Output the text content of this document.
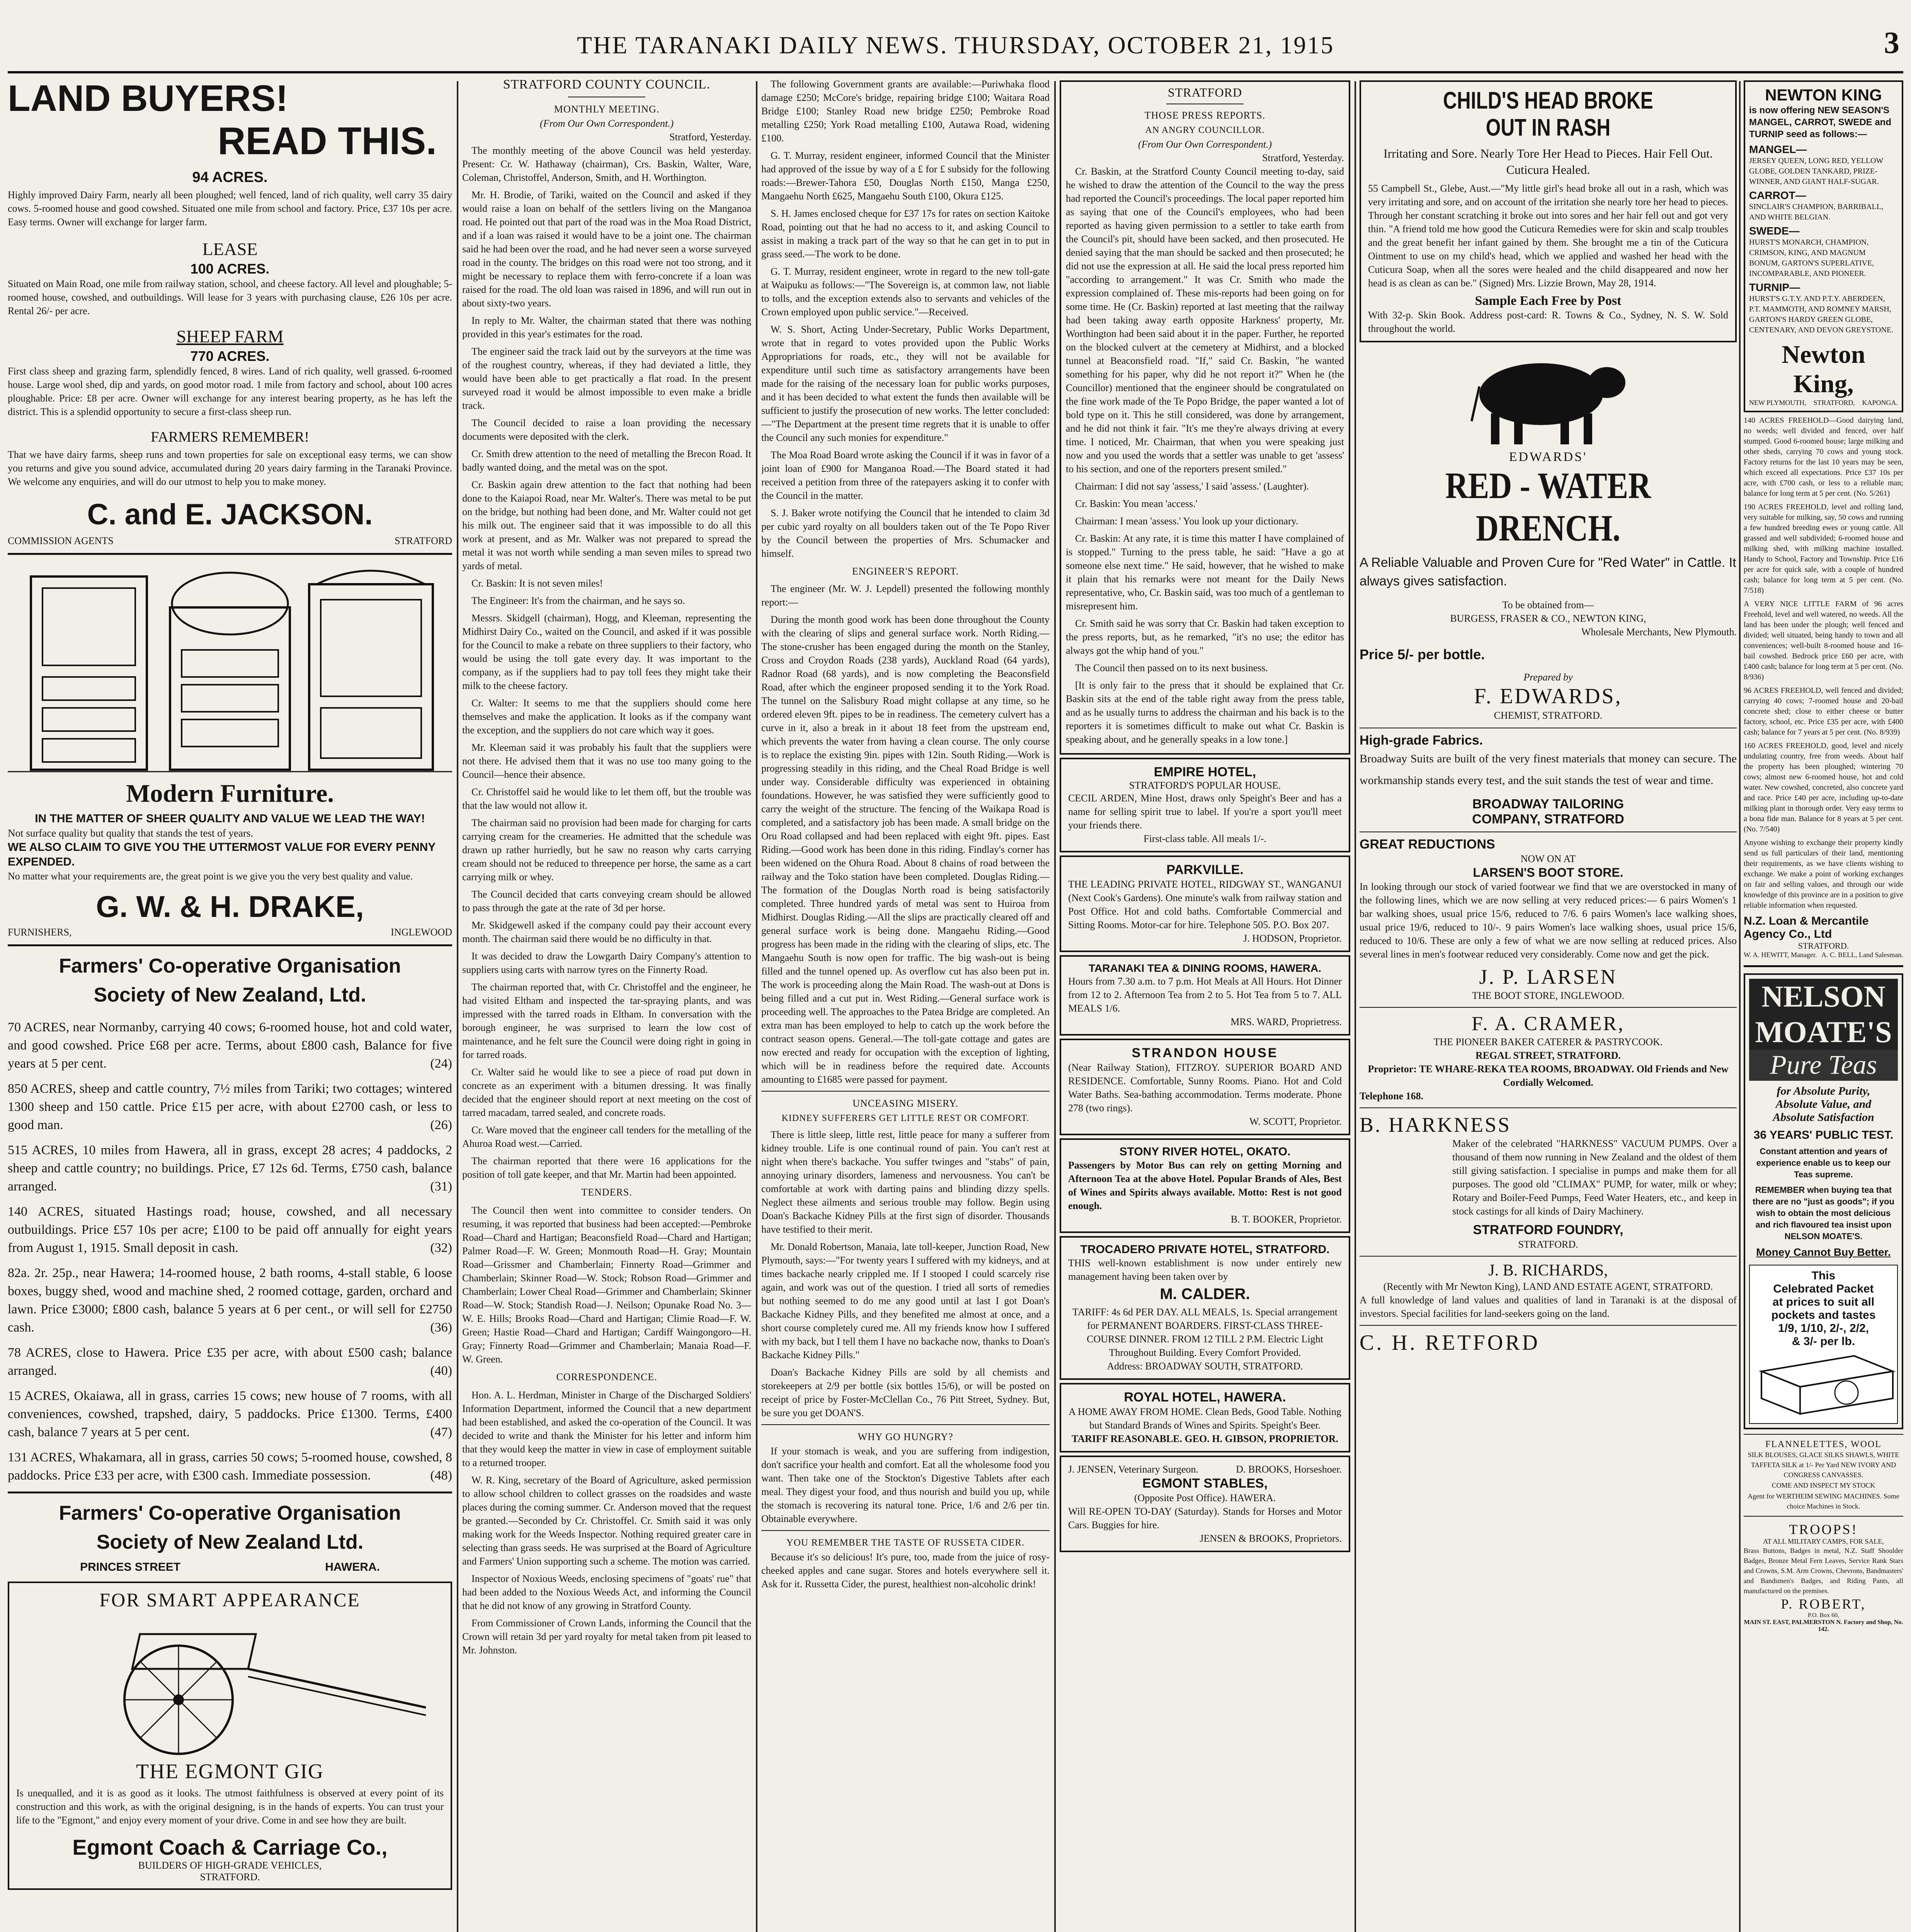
THE TARANAKI DAILY NEWS. THURSDAY, OCTOBER 21, 1915	3
LAND BUYERS!
READ THIS.
94 ACRES.
Highly improved Dairy Farm, nearly all been ploughed; well fenced, land of rich quality, well carry 35 dairy cows. 5-roomed house and good cowshed. Situated one mile from school and factory. Price, £37 10s per acre. Easy terms. Owner will exchange for larger farm.
LEASE
100 ACRES.
Situated on Main Road, one mile from railway station, school, and cheese factory. All level and ploughable; 5-roomed house, cowshed, and outbuildings. Will lease for 3 years with purchasing clause, £26 10s per acre. Rental 26/- per acre.
SHEEP FARM
770 ACRES.
First class sheep and grazing farm, splendidly fenced, 8 wires. Land of rich quality, well grassed. 6-roomed house. Large wool shed, dip and yards, on good motor road. 1 mile from factory and school, about 100 acres ploughable. Price: £8 per acre. Owner will exchange for any interest bearing property, as he has left the district. This is a splendid opportunity to secure a first-class sheep run.
FARMERS REMEMBER!
That we have dairy farms, sheep runs and town properties for sale on exceptional easy terms, we can show you returns and give you sound advice, accumulated during 20 years dairy farming in the Taranaki Province. We welcome any enquiries, and will do our utmost to help you to make money.
C. and E. JACKSON.
COMMISSION AGENTS	STRATFORD
Modern Furniture.
IN THE MATTER OF SHEER QUALITY AND VALUE WE LEAD THE WAY!
Not surface quality but quality that stands the test of years.
WE ALSO CLAIM TO GIVE YOU THE UTTERMOST VALUE FOR EVERY PENNY EXPENDED.
No matter what your requirements are, the great point is we give you the very best quality and value.
G. W. & H. DRAKE,
FURNISHERS,	INGLEWOOD
Farmers' Co-operative Organisation
Society of New Zealand, Ltd.
70 ACRES, near Normanby, carrying 40 cows; 6-roomed house, hot and cold water, and good cowshed. Price £68 per acre. Terms, about £800 cash, Balance for five years at 5 per cent.	(24)
850 ACRES, sheep and cattle country, 7½ miles from Tariki; two cottages; wintered 1300 sheep and 150 cattle. Price £15 per acre, with about £2700 cash, or less to good man.	(26)
515 ACRES, 10 miles from Hawera, all in grass, except 28 acres; 4 paddocks, 2 sheep and cattle country; no buildings. Price, £7 12s 6d. Terms, £750 cash, balance arranged.	(31)
140 ACRES, situated Hastings road; house, cowshed, and all necessary outbuildings. Price £57 10s per acre; £100 to be paid off annually for eight years from August 1, 1915. Small deposit in cash.	(32)
82a. 2r. 25p., near Hawera; 14-roomed house, 2 bath rooms, 4-stall stable, 6 loose boxes, buggy shed, wood and machine shed, 2 roomed cottage, garden, orchard and lawn. Price £3000; £800 cash, balance 5 years at 6 per cent., or will sell for £2750 cash.	(36)
78 ACRES, close to Hawera. Price £35 per acre, with about £500 cash; balance arranged.	(40)
15 ACRES, Okaiawa, all in grass, carries 15 cows; new house of 7 rooms, with all conveniences, cowshed, trapshed, dairy, 5 paddocks. Price £1300. Terms, £400 cash, balance 7 years at 5 per cent.	(47)
131 ACRES, Whakamara, all in grass, carries 50 cows; 5-roomed house, cowshed, 8 paddocks. Price £33 per acre, with £300 cash. Immediate possession.	(48)
Farmers' Co-operative Organisation
Society of New Zealand Ltd.
PRINCES STREET	HAWERA.
FOR SMART APPEARANCE
THE EGMONT GIG
Is unequalled, and it is as good as it looks. The utmost faithfulness is observed at every point of its construction and this work, as with the original designing, is in the hands of experts. You can trust your life to the "Egmont," and enjoy every moment of your drive. Come in and see how they are built.
Egmont Coach & Carriage Co.,
BUILDERS OF HIGH-GRADE VEHICLES,
STRATFORD.
STRATFORD COUNTY COUNCIL.
MONTHLY MEETING.
(From Our Own Correspondent.)
Stratford, Yesterday.

The monthly meeting of the above Council was held yesterday. Present: Cr. W. Hathaway (chairman), Crs. Baskin, Walter, Ware, Coleman, Christoffel, Anderson, Smith, and H. Worthington.

Mr. H. Brodie, of Tariki, waited on the Council and asked if they would raise a loan on behalf of the settlers living on the Manganoa road. He pointed out that part of the road was in the Moa Road District, and if a loan was raised it would have to be a joint one. The chairman said he had been over the road, and he had never seen a worse surveyed road in the county. The bridges on this road were not too strong, and it might be necessary to replace them with ferro-concrete if a loan was raised for the road. The old loan was raised in 1896, and will run out in about sixty-two years.

In reply to Mr. Walter, the chairman stated that there was nothing provided in this year's estimates for the road.

The engineer said the track laid out by the surveyors at the time was of the roughest country, whereas, if they had deviated a little, they would have been able to get practically a flat road. In the present surveyed road it would be almost impossible to even make a bridle track.

The Council decided to raise a loan providing the necessary documents were deposited with the clerk.

Cr. Smith drew attention to the need of metalling the Brecon Road. It badly wanted doing, and the metal was on the spot.

Cr. Baskin again drew attention to the fact that nothing had been done to the Kaiapoi Road, near Mr. Walter's. There was metal to be put on the bridge, but nothing had been done, and Mr. Walter could not get his milk out. The engineer said that it was impossible to do all this work at present, and as Mr. Walker was not prepared to spread the metal it was not worth while sending a man seven miles to spread two yards of metal.

Cr. Baskin: It is not seven miles!

The Engineer: It's from the chairman, and he says so.

Messrs. Skidgell (chairman), Hogg, and Kleeman, representing the Midhirst Dairy Co., waited on the Council, and asked if it was possible for the Council to make a rebate on three suppliers to their factory, who would be using the toll gate every day. It was important to the company, as if the suppliers had to pay toll fees they might take their milk to the cheese factory.

Cr. Walter: It seems to me that the suppliers should come here themselves and make the application. It looks as if the company want the exception, and the suppliers do not care which way it goes.

Mr. Kleeman said it was probably his fault that the suppliers were not there. He advised them that it was no use too many going to the Council—hence their absence.

Cr. Christoffel said he would like to let them off, but the trouble was that the law would not allow it.

The chairman said no provision had been made for charging for carts carrying cream for the creameries. He admitted that the schedule was drawn up rather hurriedly, but he saw no reason why carts carrying cream should not be reduced to threepence per horse, the same as a cart carrying milk or whey.

The Council decided that carts conveying cream should be allowed to pass through the gate at the rate of 3d per horse.

Mr. Skidgewell asked if the company could pay their account every month. The chairman said there would be no difficulty in that.

It was decided to draw the Lowgarth Dairy Company's attention to suppliers using carts with narrow tyres on the Finnerty Road.

The chairman reported that, with Cr. Christoffel and the engineer, he had visited Eltham and inspected the tar-spraying plants, and was impressed with the tarred roads in Eltham. In conversation with the borough engineer, he was surprised to learn the low cost of maintenance, and he felt sure the Council were doing right in going in for tarred roads.

Cr. Walter said he would like to see a piece of road put down in concrete as an experiment with a bitumen dressing. It was finally decided that the engineer should report at next meeting on the cost of tarred macadam, tarred sealed, and concrete roads.

Cr. Ware moved that the engineer call tenders for the metalling of the Ahuroa Road west.—Carried.

The chairman reported that there were 16 applications for the position of toll gate keeper, and that Mr. Martin had been appointed.

TENDERS.

The Council then went into committee to consider tenders. On resuming, it was reported that business had been accepted:—Pembroke Road—Chard and Hartigan; Beaconsfield Road—Chard and Hartigan; Palmer Road—F. W. Green; Monmouth Road—H. Gray; Mountain Road—Grissmer and Chamberlain; Finnerty Road—Grimmer and Chamberlain; Skinner Road—W. Stock; Robson Road—Grimmer and Chamberlain; Lower Cheal Road—Grimmer and Chamberlain; Skinner Road—W. Stock; Standish Road—J. Neilson; Opunake Road No. 3—W. E. Hills; Brooks Road—Chard and Hartigan; Climie Road—F. W. Green; Hastie Road—Chard and Hartigan; Cardiff Waingongoro—H. Gray; Finnerty Road—Grimmer and Chamberlain; Manaia Road—F. W. Green.

CORRESPONDENCE.

Hon. A. L. Herdman, Minister in Charge of the Discharged Soldiers' Information Department, informed the Council that a new department had been established, and asked the co-operation of the Council. It was decided to write and thank the Minister for his letter and inform him that they would keep the matter in view in case of employment suitable to a returned trooper.

W. R. King, secretary of the Board of Agriculture, asked permission to allow school children to collect grasses on the roadsides and waste places during the coming summer. Cr. Anderson moved that the request be granted.—Seconded by Cr. Christoffel. Cr. Smith said it was only making work for the Weeds Inspector. Nothing required greater care in selecting than grass seeds. He was surprised at the Board of Agriculture and Farmers' Union supporting such a scheme. The motion was carried.

Inspector of Noxious Weeds, enclosing specimens of "goats' rue" that had been added to the Noxious Weeds Act, and informing the Council that he did not know of any growing in Stratford County.

From Commissioner of Crown Lands, informing the Council that the Crown will retain 3d per yard royalty for metal taken from pit leased to Mr. Johnston.

The following Government grants are available:—Puriwhaka flood damage £250; McCore's bridge, repairing bridge £100; Waitara Road Bridge £100; Stanley Road new bridge £250; Pembroke Road metalling £250; York Road metalling £100, Autawa Road, widening £100.

G. T. Murray, resident engineer, informed Council that the Minister had approved of the issue by way of a £ for £ subsidy for the following roads:—Brewer-Tahora £50, Douglas North £150, Manga £250, Mangaehu North £625, Mangaehu South £100, Okura £125.

S. H. James enclosed cheque for £37 17s for rates on section Kaitoke Road, pointing out that he had no access to it, and asking Council to assist in making a track part of the way so that he can get in to put in grass seed.—The work to be done.

G. T. Murray, resident engineer, wrote in regard to the new toll-gate at Waipuku as follows:—"The Sovereign is, at common law, not liable to tolls, and the exception extends also to servants and vehicles of the Crown employed upon public service."—Received.

W. S. Short, Acting Under-Secretary, Public Works Department, wrote that in regard to votes provided upon the Public Works Appropriations for roads, etc., they will not be available for expenditure until such time as satisfactory arrangements have been made for the raising of the necessary loan for public works purposes, and it has been decided to what extent the funds then available will be sufficient to justify the prosecution of new works. The letter concluded:—"The Department at the present time regrets that it is unable to offer the Council any such monies for expenditure."

The Moa Road Board wrote asking the Council if it was in favor of a joint loan of £900 for Manganoa Road.—The Board stated it had received a petition from three of the ratepayers asking it to confer with the Council in the matter.

S. J. Baker wrote notifying the Council that he intended to claim 3d per cubic yard royalty on all boulders taken out of the Te Popo River by the Council between the properties of Mrs. Schumacker and himself.

ENGINEER'S REPORT.

The engineer (Mr. W. J. Lepdell) presented the following monthly report:—

During the month good work has been done throughout the County with the clearing of slips and general surface work. North Riding.—The stone-crusher has been engaged during the month on the Stanley, Cross and Croydon Roads (238 yards), Auckland Road (64 yards), Radnor Road (68 yards), and is now completing the Beaconsfield Road, after which the engineer proposed sending it to the York Road. The tunnel on the Salisbury Road might collapse at any time, so he ordered eleven 9ft. pipes to be in readiness. The cemetery culvert has a curve in it, also a break in it about 18 feet from the upstream end, which prevents the water from having a clean course. The only course is to replace the existing 9in. pipes with 12in. South Riding.—Work is progressing steadily in this riding, and the Cheal Road Bridge is well under way. Considerable difficulty was experienced in obtaining foundations. However, he was satisfied they were sufficiently good to carry the weight of the structure. The fencing of the Waikapa Road is completed, and a satisfactory job has been made. A small bridge on the Oru Road collapsed and had been replaced with eight 9ft. pipes. East Riding.—Good work has been done in this riding. Findlay's corner has been widened on the Ohura Road. About 8 chains of road between the railway and the Toko station have been completed. Douglas Riding.—The formation of the Douglas North road is being satisfactorily completed. Three hundred yards of metal was sent to Huiroa from Midhirst. Douglas Riding.—All the slips are practically cleared off and general surface work is being done. Mangaehu Riding.—Good progress has been made in the riding with the clearing of slips, etc. The Mangaehu South is now open for traffic. The big wash-out is being filled and the tunnel opened up. As overflow cut has also been put in. The work is proceeding along the Main Road. The wash-out at Dons is being filled and a cut put in. West Riding.—General surface work is proceeding well. The approaches to the Patea Bridge are completed. An extra man has been employed to help to catch up the work before the contract season opens. General.—The toll-gate cottage and gates are now erected and ready for occupation with the exception of lighting, which will be in readiness before the required date. Accounts amounting to £1685 were passed for payment.

UNCEASING MISERY.
KIDNEY SUFFERERS GET LITTLE REST OR COMFORT.

There is little sleep, little rest, little peace for many a sufferer from kidney trouble. Life is one continual round of pain. You can't rest at night when there's backache. You suffer twinges and "stabs" of pain, annoying urinary disorders, lameness and nervousness. You can't be comfortable at work with darting pains and blinding dizzy spells. Neglect these ailments and serious trouble may follow. Begin using Doan's Backache Kidney Pills at the first sign of disorder. Thousands have testified to their merit.

Mr. Donald Robertson, Manaia, late toll-keeper, Junction Road, New Plymouth, says:—"For twenty years I suffered with my kidneys, and at times backache nearly crippled me. If I stooped I could scarcely rise again, and work was out of the question. I tried all sorts of remedies but nothing seemed to do me any good until at last I got Doan's Backache Kidney Pills, and they benefited me almost at once, and a short course completely cured me. All my friends know how I suffered with my back, but I tell them I have no backache now, thanks to Doan's Backache Kidney Pills."

Doan's Backache Kidney Pills are sold by all chemists and storekeepers at 2/9 per bottle (six bottles 15/6), or will be posted on receipt of price by Foster-McClellan Co., 76 Pitt Street, Sydney. But, be sure you get DOAN'S.

WHY GO HUNGRY?

If your stomach is weak, and you are suffering from indigestion, don't sacrifice your health and comfort. Eat all the wholesome food you want. Then take one of the Stockton's Digestive Tablets after each meal. They digest your food, and thus nourish and build you up, while the stomach is recovering its natural tone. Price, 1/6 and 2/6 per tin. Obtainable everywhere.

YOU REMEMBER THE TASTE OF RUSSETA CIDER.

Because it's so delicious! It's pure, too, made from the juice of rosy-cheeked apples and cane sugar. Stores and hotels everywhere sell it. Ask for it. Russetta Cider, the purest, healthiest non-alcoholic drink!

STRATFORD
THOSE PRESS REPORTS.
AN ANGRY COUNCILLOR.
(From Our Own Correspondent.)
Stratford, Yesterday.

Cr. Baskin, at the Stratford County Council meeting to-day, said he wished to draw the attention of the Council to the way the press had reported the Council's proceedings. The local paper reported him as saying that one of the Council's employees, who had been reported as having given permission to a settler to take earth from the Council's pit, should have been sacked, and then prosecuted. He denied saying that the man should be sacked and then prosecuted; he did not use the expression at all. He said the local press reported him "according to arrangement." It was Cr. Smith who made the expression complained of. These mis-reports had been going on for some time. He (Cr. Baskin) reported at last meeting that the railway had been taking away earth opposite Harkness' property, Mr. Worthington had been said about it in the paper. Further, he reported on the blocked culvert at the cemetery at Midhirst, and a blocked tunnel at Beaconsfield road. "If," said Cr. Baskin, "he wanted something for his paper, why did he not report it?" When he (the Councillor) mentioned that the engineer should be congratulated on the fine work made of the Te Popo Bridge, the paper wanted a lot of bold type on it. This he still considered, was done by arrangement, and he did not think it fair. "It's me they're always driving at every time. I noticed, Mr. Chairman, that when you were speaking just now and you used the words that a settler was unable to get 'assess' to his section, and one of the reporters present smiled."

Chairman: I did not say 'assess,' I said 'assess.' (Laughter).

Cr. Baskin: You mean 'access.'

Chairman: I mean 'assess.' You look up your dictionary.

Cr. Baskin: At any rate, it is time this matter I have complained of is stopped." Turning to the press table, he said: "Have a go at someone else next time." He said, however, that he wished to make it plain that his remarks were not meant for the Daily News representative, who, Cr. Baskin said, was too much of a gentleman to misrepresent him.

Cr. Smith said he was sorry that Cr. Baskin had taken exception to the press reports, but, as he remarked, "it's no use; the editor has always got the whip hand of you."

The Council then passed on to its next business.

[It is only fair to the press that it should be explained that Cr. Baskin sits at the end of the table right away from the press table, and as he usually turns to address the chairman and his back is to the reporters it is sometimes difficult to make out what Cr. Baskin is speaking about, and he generally speaks in a low tone.]

EMPIRE HOTEL,
STRATFORD'S POPULAR HOUSE.
CECIL ARDEN, Mine Host, draws only Speight's Beer and has a name for selling spirit true to label. If you're a sport you'll meet your friends there.
First-class table. All meals 1/-.
PARKVILLE.
THE LEADING PRIVATE HOTEL, RIDGWAY ST., WANGANUI (Next Cook's Gardens). One minute's walk from railway station and Post Office. Hot and cold baths. Comfortable Commercial and Sitting Rooms. Motor-car for hire. Telephone 505. P.O. Box 207.
J. HODSON, Proprietor.
TARANAKI TEA & DINING ROOMS, HAWERA.
Hours from 7.30 a.m. to 7 p.m. Hot Meals at All Hours. Hot Dinner from 12 to 2. Afternoon Tea from 2 to 5. Hot Tea from 5 to 7. ALL MEALS 1/6.
MRS. WARD, Proprietress.
STRANDON HOUSE
(Near Railway Station), FITZROY. SUPERIOR BOARD AND RESIDENCE. Comfortable, Sunny Rooms. Piano. Hot and Cold Water Baths. Sea-bathing accommodation. Terms moderate. Phone 278 (two rings).
W. SCOTT, Proprietor.
STONY RIVER HOTEL, OKATO.
Passengers by Motor Bus can rely on getting Morning and Afternoon Tea at the above Hotel. Popular Brands of Ales, Best of Wines and Spirits always available. Motto: Rest is not good enough.
B. T. BOOKER, Proprietor.
TROCADERO PRIVATE HOTEL, STRATFORD.
THIS well-known establishment is now under entirely new management having been taken over by
M. CALDER.
TARIFF: 4s 6d PER DAY. ALL MEALS, 1s. Special arrangement for PERMANENT BOARDERS. FIRST-CLASS THREE-COURSE DINNER. FROM 12 TILL 2 P.M. Electric Light Throughout Building. Every Comfort Provided.
Address: BROADWAY SOUTH, STRATFORD.
ROYAL HOTEL, HAWERA.
A HOME AWAY FROM HOME. Clean Beds, Good Table. Nothing but Standard Brands of Wines and Spirits. Speight's Beer.
TARIFF REASONABLE. GEO. H. GIBSON, PROPRIETOR.
J. JENSEN, Veterinary Surgeon.	D. BROOKS, Horseshoer.
EGMONT STABLES,
(Opposite Post Office). HAWERA.
Will RE-OPEN TO-DAY (Saturday). Stands for Horses and Motor Cars. Buggies for hire.
JENSEN & BROOKS, Proprietors.
CHILD'S HEAD BROKE
OUT IN RASH
Irritating and Sore. Nearly Tore Her Head to Pieces. Hair Fell Out. Cuticura Healed.
55 Campbell St., Glebe, Aust.—"My little girl's head broke all out in a rash, which was very irritating and sore, and on account of the irritation she nearly tore her head to pieces. Through her constant scratching it broke out into sores and her hair fell out and got very thin. "A friend told me how good the Cuticura Remedies were for skin and scalp troubles and the great benefit her infant gained by them. She brought me a tin of the Cuticura Ointment to use on my child's head, which we applied and washed her head with the Cuticura Soap, when all the sores were healed and the child disappeared and now her head is as clean as can be." (Signed) Mrs. Lizzie Brown, May 28, 1914.
Sample Each Free by Post
With 32-p. Skin Book. Address post-card: R. Towns & Co., Sydney, N. S. W. Sold throughout the world.
EDWARDS'
RED - WATER
DRENCH.
A Reliable Valuable and Proven Cure for "Red Water" in Cattle. It always gives satisfaction.
To be obtained from—
BURGESS, FRASER & CO., NEWTON KING,
Wholesale Merchants, New Plymouth.
Price 5/- per bottle.
Prepared by
F. EDWARDS,
CHEMIST, STRATFORD.
High-grade Fabrics.
Broadway Suits are built of the very finest materials that money can secure. The workmanship stands every test, and the suit stands the test of wear and time.
BROADWAY TAILORING
COMPANY, STRATFORD
GREAT REDUCTIONS
NOW ON AT
LARSEN'S BOOT STORE.
In looking through our stock of varied footwear we find that we are overstocked in many of the following lines, which we are now selling at very reduced prices:— 6 pairs Women's 1 bar walking shoes, usual price 15/6, reduced to 7/6. 6 pairs Women's lace walking shoes, usual price 19/6, reduced to 10/-. 9 pairs Women's lace walking shoes, usual price 15/6, reduced to 10/6. These are only a few of what we are now selling at reduced prices. Also several lines in men's footwear reduced very considerably. Come now and get the pick.
J. P. LARSEN
THE BOOT STORE, INGLEWOOD.
F. A. CRAMER,
THE PIONEER BAKER CATERER & PASTRYCOOK.
REGAL STREET, STRATFORD.
Proprietor: TE WHARE-REKA TEA ROOMS, BROADWAY. Old Friends and New Cordially Welcomed.
Telephone 168.
B. HARKNESS
Maker of the celebrated "HARKNESS" VACUUM PUMPS. Over a thousand of them now running in New Zealand and the oldest of them still giving satisfaction. I specialise in pumps and make them for all purposes. The good old "CLIMAX" PUMP, for water, milk or whey; Rotary and Boiler-Feed Pumps, Feed Water Heaters, etc., and keep in stock castings for all kinds of Dairy Machinery.
STRATFORD FOUNDRY,
STRATFORD.
J. B. RICHARDS,
(Recently with Mr Newton King), LAND AND ESTATE AGENT, STRATFORD.
A full knowledge of land values and qualities of land in Taranaki is at the disposal of investors. Special facilities for land-seekers going on the land.
C. H. RETFORD
NEWTON KING
is now offering NEW SEASON'S MANGEL, CARROT, SWEDE and TURNIP seed as follows:—
MANGEL—
JERSEY QUEEN, LONG RED, YELLOW GLOBE, GOLDEN TANKARD, PRIZE-WINNER, AND GIANT HALF-SUGAR.
CARROT—
SINCLAIR'S CHAMPION, BARRIBALL, AND WHITE BELGIAN.
SWEDE—
HURST'S MONARCH, CHAMPION, CRIMSON, KING, AND MAGNUM BONUM, GARTON'S SUPERLATIVE, INCOMPARABLE, AND PIONEER.
TURNIP—
HURST'S G.T.Y. AND P.T.Y. ABERDEEN, P.T. MAMMOTH, AND ROMNEY MARSH, GARTON'S HARDY GREEN GLOBE, CENTENARY, AND DEVON GREYSTONE.
Newton King,
NEW PLYMOUTH, STRATFORD, KAPONGA.

140 ACRES FREEHOLD—Good dairying land, no weeds; well divided and fenced, over half stumped. Good 6-roomed house; large milking and other sheds, carrying 70 cows and young stock. Factory returns for the last 10 years may be seen, which exceed all expectations. Price £37 10s per acre, with £700 cash, or less to a reliable man; balance for long term at 5 per cent. (No. 5/261)

190 ACRES FREEHOLD, level and rolling land, very suitable for milking, say, 50 cows and running a few hundred breeding ewes or young cattle. All grassed and well subdivided; 6-roomed house and milking shed, with milking machine installed. Handy to School, Factory and Township. Price £16 per acre for quick sale, with a couple of hundred cash; balance for long term at 5 per cent. (No. 7/518)

A VERY NICE LITTLE FARM of 96 acres Freehold, level and well watered, no weeds. All the land has been under the plough; well fenced and divided; well situated, being handy to town and all conveniences; well-built 8-roomed house and 16-bail cowshed. Bedrock price £60 per acre, with £400 cash; balance for long term at 5 per cent. (No. 8/936)

96 ACRES FREEHOLD, well fenced and divided; carrying 40 cows; 7-roomed house and 20-bail concrete shed; close to either cheese or butter factory, school, etc. Price £35 per acre, with £400 cash; balance for 7 years at 5 per cent. (No. 8/939)

160 ACRES FREEHOLD, good, level and nicely undulating country, free from weeds. About half the property has been ploughed; wintering 70 cows; almost new 6-roomed house, hot and cold water. New cowshed, concreted, also concrete yard and race. Price £40 per acre, including up-to-date milking plant in thorough order. Very easy terms to a bona fide man. Balance for 8 years at 5 per cent. (No. 7/540)

Anyone wishing to exchange their property kindly send us full particulars of their land, mentioning their requirements, as we have clients wishing to exchange. We make a point of working exchanges on fair and selling values, and through our wide knowledge of this province are in a position to give reliable information when requested.

N.Z. Loan & Mercantile Agency Co., Ltd
STRATFORD.
W. A. HEWITT, Manager. A. C. BELL, Land Salesman.
NELSON
MOATE'S
Pure Teas
for Absolute Purity,
Absolute Value, and
Absolute Satisfaction
36 YEARS' PUBLIC TEST.
Constant attention and years of experience enable us to keep our Teas supreme.
REMEMBER when buying tea that there are no "just as goods"; if you wish to obtain the most delicious and rich flavoured tea insist upon NELSON MOATE'S.
Money Cannot Buy Better.
This
Celebrated Packet
at prices to suit all
pockets and tastes
1/9, 1/10, 2/-, 2/2,
& 3/- per lb.
FLANNELETTES, WOOL
SILK BLOUSES, GLACE SILKS SHAWLS, WHITE TAFFETA SILK at 1/- Per Yard NEW IVORY AND CONGRESS CANVASSES.
COME AND INSPECT MY STOCK
Agent for WERTHEIM SEWING MACHINES. Some choice Machines in Stock.
TROOPS!
AT ALL MILITARY CAMPS, FOR SALE,
Brass Buttons, Badges in metal, N.Z. Staff Shoulder Badges, Bronze Metal Fern Leaves, Service Rank Stars and Crowns, S.M. Arm Crowns, Chevrons, Bandmasters' and Bandsmen's Badges, and Riding Pants, all manufactured on the premises.
P. ROBERT,
P.O. Box 60,
MAIN ST. EAST, PALMERSTON N. Factory and Shop, No. 142.
